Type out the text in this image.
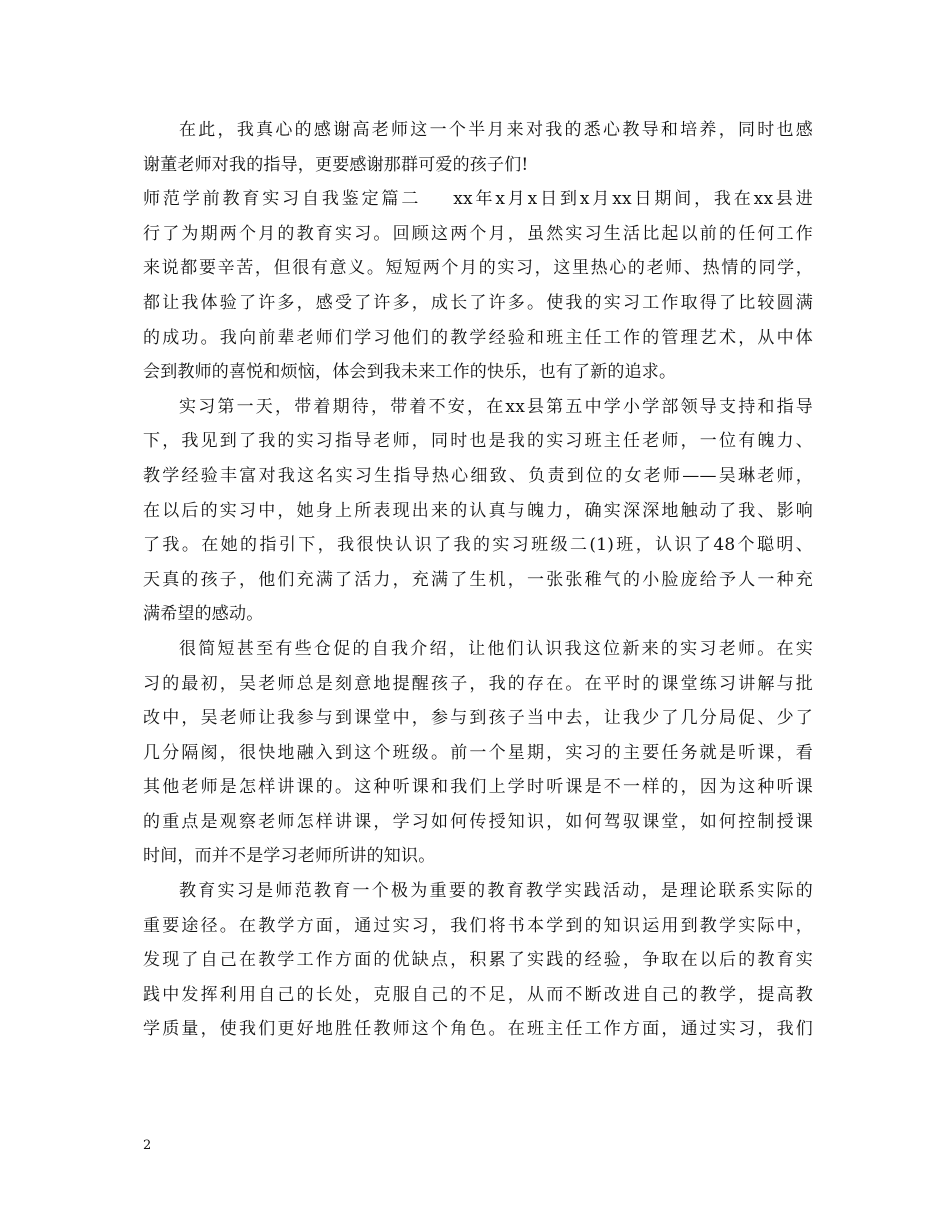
在此，我真心的感谢高老师这一个半月来对我的悉心教导和培养，同时也感
谢董老师对我的指导，更要感谢那群可爱的孩子们!
师范学前教育实习自我鉴定篇二 xx年x月x日到x月xx日期间，我在xx县进
行了为期两个月的教育实习。回顾这两个月，虽然实习生活比起以前的任何工作
来说都要辛苦，但很有意义。短短两个月的实习，这里热心的老师、热情的同学，
都让我体验了许多，感受了许多，成长了许多。使我的实习工作取得了比较圆满
的成功。我向前辈老师们学习他们的教学经验和班主任工作的管理艺术，从中体
会到教师的喜悦和烦恼，体会到我未来工作的快乐，也有了新的追求。
实习第一天，带着期待，带着不安，在xx县第五中学小学部领导支持和指导
下，我见到了我的实习指导老师，同时也是我的实习班主任老师，一位有魄力、
教学经验丰富对我这名实习生指导热心细致、负责到位的女老师——吴琳老师，
在以后的实习中，她身上所表现出来的认真与魄力，确实深深地触动了我、影响
了我。在她的指引下，我很快认识了我的实习班级二(1)班，认识了48个聪明、
天真的孩子，他们充满了活力，充满了生机，一张张稚气的小脸庞给予人一种充
满希望的感动。
很简短甚至有些仓促的自我介绍，让他们认识我这位新来的实习老师。在实
习的最初，吴老师总是刻意地提醒孩子，我的存在。在平时的课堂练习讲解与批
改中，吴老师让我参与到课堂中，参与到孩子当中去，让我少了几分局促、少了
几分隔阂，很快地融入到这个班级。前一个星期，实习的主要任务就是听课，看
其他老师是怎样讲课的。这种听课和我们上学时听课是不一样的，因为这种听课
的重点是观察老师怎样讲课，学习如何传授知识，如何驾驭课堂，如何控制授课
时间，而并不是学习老师所讲的知识。
教育实习是师范教育一个极为重要的教育教学实践活动，是理论联系实际的
重要途径。在教学方面，通过实习，我们将书本学到的知识运用到教学实际中，
发现了自己在教学工作方面的优缺点，积累了实践的经验，争取在以后的教育实
践中发挥利用自己的长处，克服自己的不足，从而不断改进自己的教学，提高教
学质量，使我们更好地胜任教师这个角色。在班主任工作方面，通过实习，我们
2
